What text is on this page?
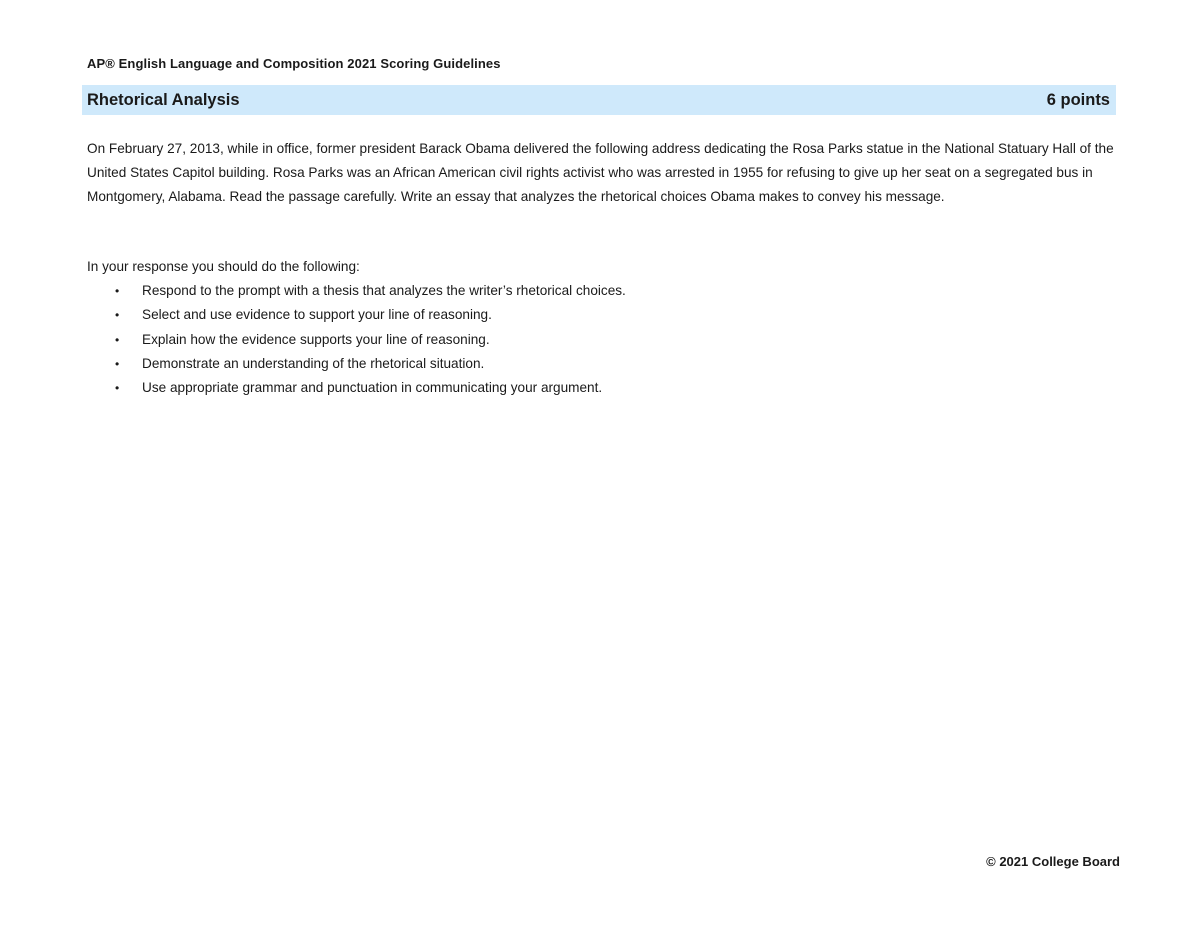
AP® English Language and Composition 2021 Scoring Guidelines
Rhetorical Analysis	6 points

On February 27, 2013, while in office, former president Barack Obama delivered the following address dedicating the Rosa Parks statue in the National Statuary Hall of the United States Capitol building. Rosa Parks was an African American civil rights activist who was arrested in 1955 for refusing to give up her seat on a segregated bus in Montgomery, Alabama. Read the passage carefully. Write an essay that analyzes the rhetorical choices Obama makes to convey his message.

In your response you should do the following:

•	Respond to the prompt with a thesis that analyzes the writer’s rhetorical choices.
•	Select and use evidence to support your line of reasoning.
•	Explain how the evidence supports your line of reasoning.
•	Demonstrate an understanding of the rhetorical situation.
•	Use appropriate grammar and punctuation in communicating your argument.
© 2021 College Board
